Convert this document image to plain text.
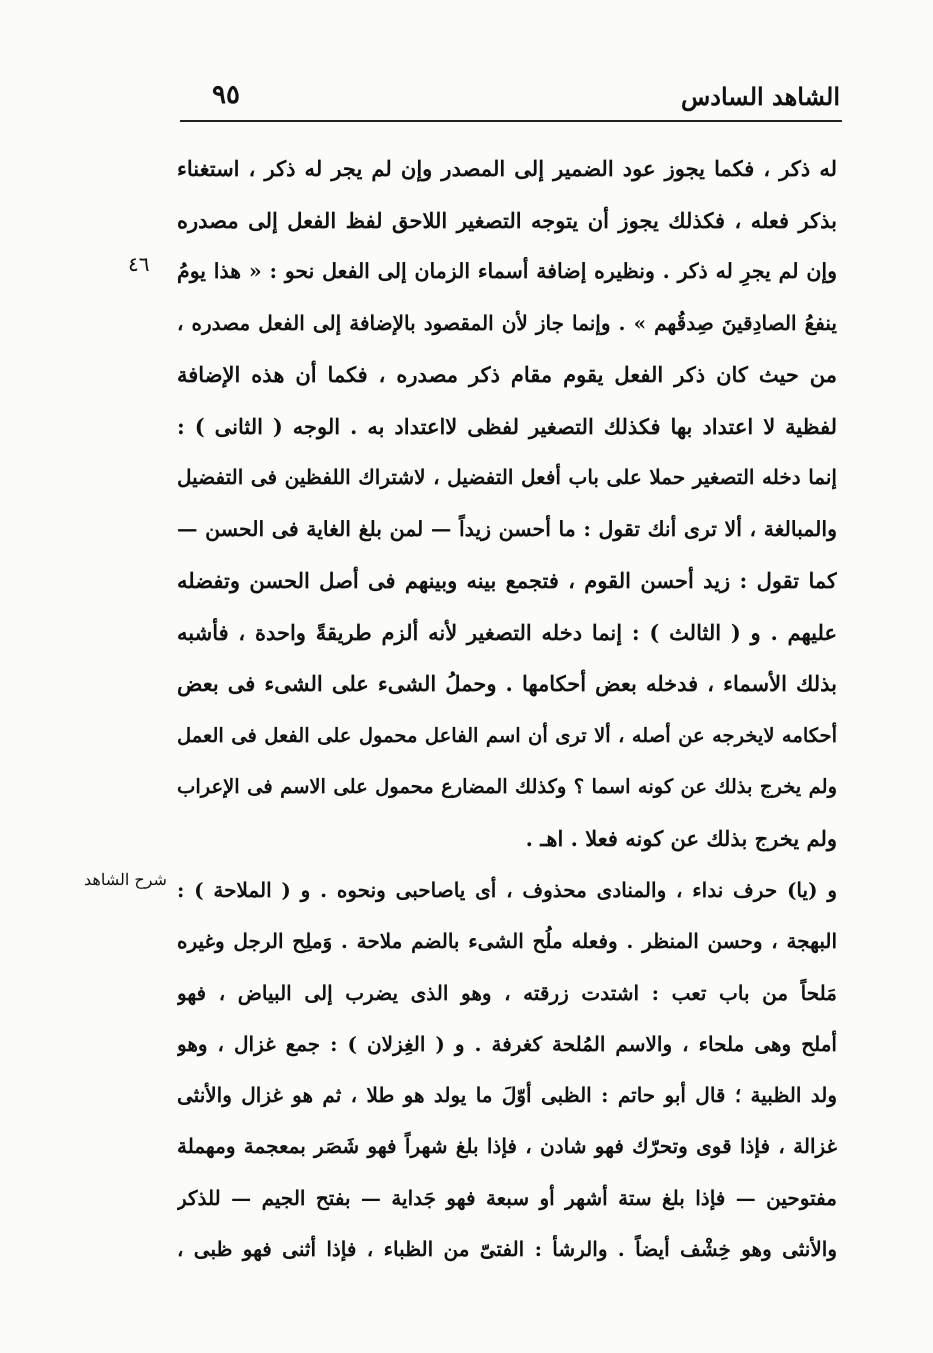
الشاهد السادس
٩٥
٤٦
له ذكر ، فكما يجوز عود الضمير إلى المصدر وإن لم يجر له ذكر ، استغناء
بذكر فعله ، فكذلك يجوز أن يتوجه التصغير اللاحق لفظ الفعل إلى مصدره
وإن لم يجرِ له ذكر . ونظيره إضافة أسماء الزمان إلى الفعل نحو : « هذا يومُ
ينفعُ الصادِقينَ صِدقُهم » . وإنما جاز لأن المقصود بالإضافة إلى الفعل مصدره ،
من حيث كان ذكر الفعل يقوم مقام ذكر مصدره ، فكما أن هذه الإضافة
لفظية لا اعتداد بها فكذلك التصغير لفظى لااعتداد به . الوجه ( الثانى ) :
إنما دخله التصغير حملا على باب أفعل التفضيل ، لاشتراك اللفظين فى التفضيل
والمبالغة ، ألا ترى أنك تقول : ما أحسن زيداً — لمن بلغ الغاية فى الحسن —
كما تقول : زيد أحسن القوم ، فتجمع بينه وبينهم فى أصل الحسن وتفضله
عليهم . و ( الثالث ) : إنما دخله التصغير لأنه ألزم طريقةً واحدة ، فأشبه
بذلك الأسماء ، فدخله بعض أحكامها . وحملُ الشىء على الشىء فى بعض
أحكامه لايخرجه عن أصله ، ألا ترى أن اسم الفاعل محمول على الفعل فى العمل
ولم يخرج بذلك عن كونه اسما ؟ وكذلك المضارع محمول على الاسم فى الإعراب
ولم يخرج بذلك عن كونه فعلا . اهـ .
شرح الشاهد و (يا) حرف نداء ، والمنادى محذوف ، أى ياصاحبى ونحوه . و ( الملاحة ) :
البهجة ، وحسن المنظر . وفعله ملُح الشىء بالضم ملاحة . وَملِح الرجل وغيره
مَلحاً من باب تعب : اشتدت زرقته ، وهو الذى يضرب إلى البياض ، فهو
أملح وهى ملحاء ، والاسم المُلحة كغرفة . و ( الغِزلان ) : جمع غزال ، وهو
ولد الظبية ؛ قال أبو حاتم : الظبى أوّلَ ما يولد هو طلا ، ثم هو غزال والأنثى
غزالة ، فإذا قوى وتحرّك فهو شادن ، فإذا بلغ شهراً فهو شَصَر بمعجمة ومهملة
مفتوحين — فإذا بلغ ستة أشهر أو سبعة فهو جَداية — بفتح الجيم — للذكر
والأنثى وهو خِشْف أيضاً . والرشأ : الفتىّ من الظباء ، فإذا أثنى فهو ظبى ،
